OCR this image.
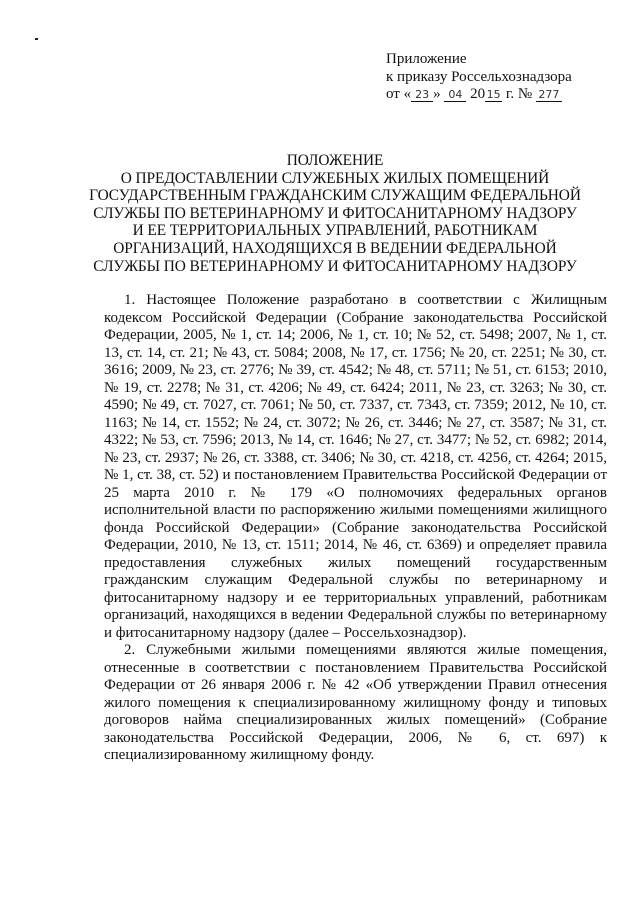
Приложение
к приказу Россельхознадзора
от « 23 » 04 20 15 г. № 277
ПОЛОЖЕНИЕ
О ПРЕДОСТАВЛЕНИИ СЛУЖЕБНЫХ ЖИЛЫХ ПОМЕЩЕНИЙ
ГОСУДАРСТВЕННЫМ ГРАЖДАНСКИМ СЛУЖАЩИМ ФЕДЕРАЛЬНОЙ
СЛУЖБЫ ПО ВЕТЕРИНАРНОМУ И ФИТОСАНИТАРНОМУ НАДЗОРУ
И ЕЕ ТЕРРИТОРИАЛЬНЫХ УПРАВЛЕНИЙ, РАБОТНИКАМ
ОРГАНИЗАЦИЙ, НАХОДЯЩИХСЯ В ВЕДЕНИИ ФЕДЕРАЛЬНОЙ
СЛУЖБЫ ПО ВЕТЕРИНАРНОМУ И ФИТОСАНИТАРНОМУ НАДЗОРУ

1. Настоящее Положение разработано в соответствии с Жилищным кодексом Российской Федерации (Собрание законодательства Российской Федерации, 2005, № 1, ст. 14; 2006, № 1, ст. 10; № 52, ст. 5498; 2007, № 1, ст. 13, ст. 14, ст. 21; № 43, ст. 5084; 2008, № 17, ст. 1756; № 20, ст. 2251; № 30, ст. 3616; 2009, № 23, ст. 2776; № 39, ст. 4542; № 48, ст. 5711; № 51, ст. 6153; 2010, № 19, ст. 2278; № 31, ст. 4206; № 49, ст. 6424; 2011, № 23, ст. 3263; № 30, ст. 4590; № 49, ст. 7027, ст. 7061; № 50, ст. 7337, ст. 7343, ст. 7359; 2012, № 10, ст. 1163; № 14, ст. 1552; № 24, ст. 3072; № 26, ст. 3446; № 27, ст. 3587; № 31, ст. 4322; № 53, ст. 7596; 2013, № 14, ст. 1646; № 27, ст. 3477; № 52, ст. 6982; 2014, № 23, ст. 2937; № 26, ст. 3388, ст. 3406; № 30, ст. 4218, ст. 4256, ст. 4264; 2015, № 1, ст. 38, ст. 52) и постановлением Правительства Российской Федерации от 25 марта 2010 г. № 179 «О полномочиях федеральных органов исполнительной власти по распоряжению жилыми помещениями жилищного фонда Российской Федерации» (Собрание законодательства Российской Федерации, 2010, № 13, ст. 1511; 2014, № 46, ст. 6369) и определяет правила предоставления служебных жилых помещений государственным гражданским служащим Федеральной службы по ветеринарному и фитосанитарному надзору и ее территориальных управлений, работникам организаций, находящихся в ведении Федеральной службы по ветеринарному и фитосанитарному надзору (далее – Россельхознадзор).

2. Служебными жилыми помещениями являются жилые помещения, отнесенные в соответствии с постановлением Правительства Российской Федерации от 26 января 2006 г. № 42 «Об утверждении Правил отнесения жилого помещения к специализированному жилищному фонду и типовых договоров найма специализированных жилых помещений» (Собрание законодательства Российской Федерации, 2006, № 6, ст. 697) к специализированному жилищному фонду.
